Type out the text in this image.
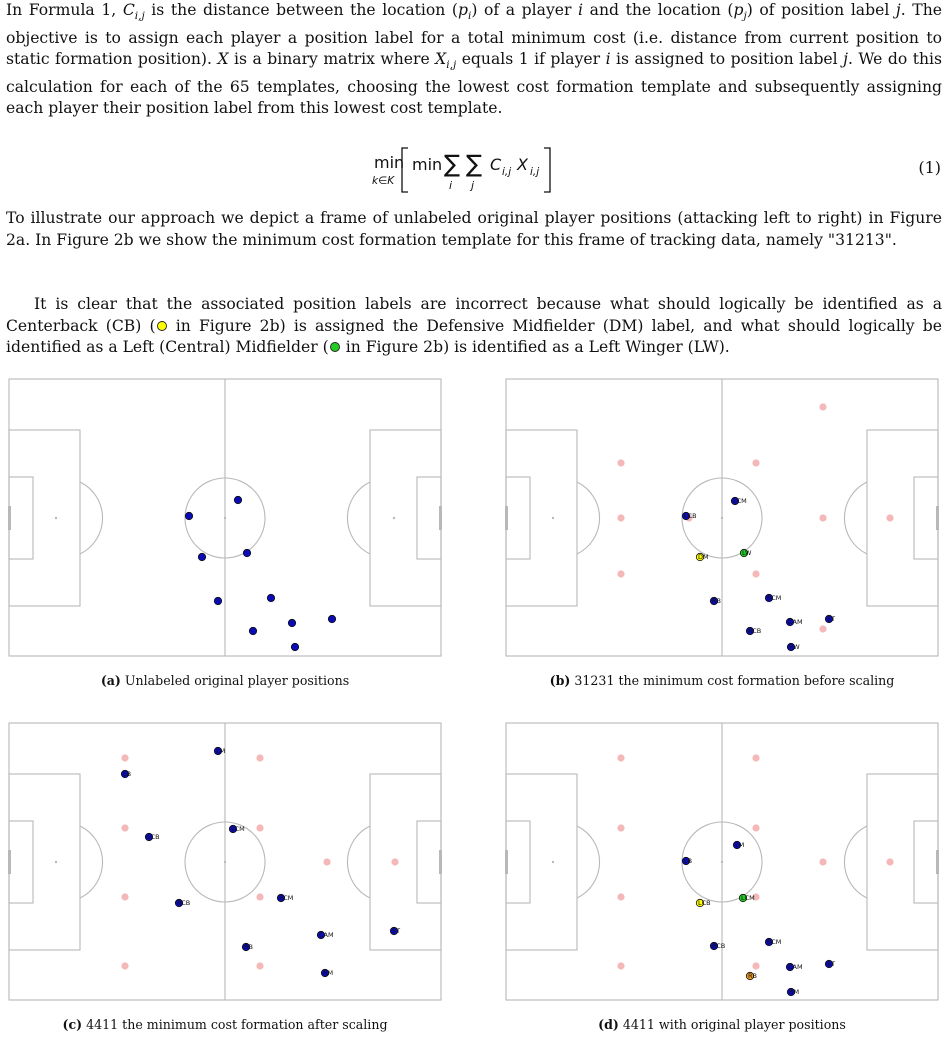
In Formula 1, $C_{i,j}$ is the distance between the location $(p_i)$ of a player i and the location $(p_j)$ of position label j. The objective is to assign each player a position label for a total minimum cost (i.e. distance from current position to static formation position). X is a binary matrix where $X_{i,j}$ equals 1 if player i is assigned to position label j. We do this calculation for each of the 65 templates, choosing the lowest cost formation template and subsequently assigning each player their position label from this lowest cost template.

min
k∈K
min ∑
i
∑
j
C i,j X i,j	(1)

To illustrate our approach we depict a frame of unlabeled original player positions (attacking left to right) in Figure 2a. In Figure 2b we show the minimum cost formation template for this frame of tracking data, namely "31213".

It is clear that the associated position labels are incorrect because what should logically be identified as a Centerback (CB) ( in Figure 2b) is assigned the Defensive Midfielder (DM) label, and what should logically be identified as a Left (Central) Midfielder ( in Figure 2b) is identified as a Left Winger (LW).

(a) Unlabeled original player positions
LCM
LCB
DM	LW
RCM
RB
ST
CAM
RCB
RW
(b) 31231 the minimum cost formation before scaling
LM
LB
LCB
LCM
RCB
RCM
CAM	ST
RB
RM
(c) 4411 the minimum cost formation after scaling
LM
LB
LCB
LCM
RCM
RCB
ST
CAM
RB
RM
(d) 4411 with original player positions
